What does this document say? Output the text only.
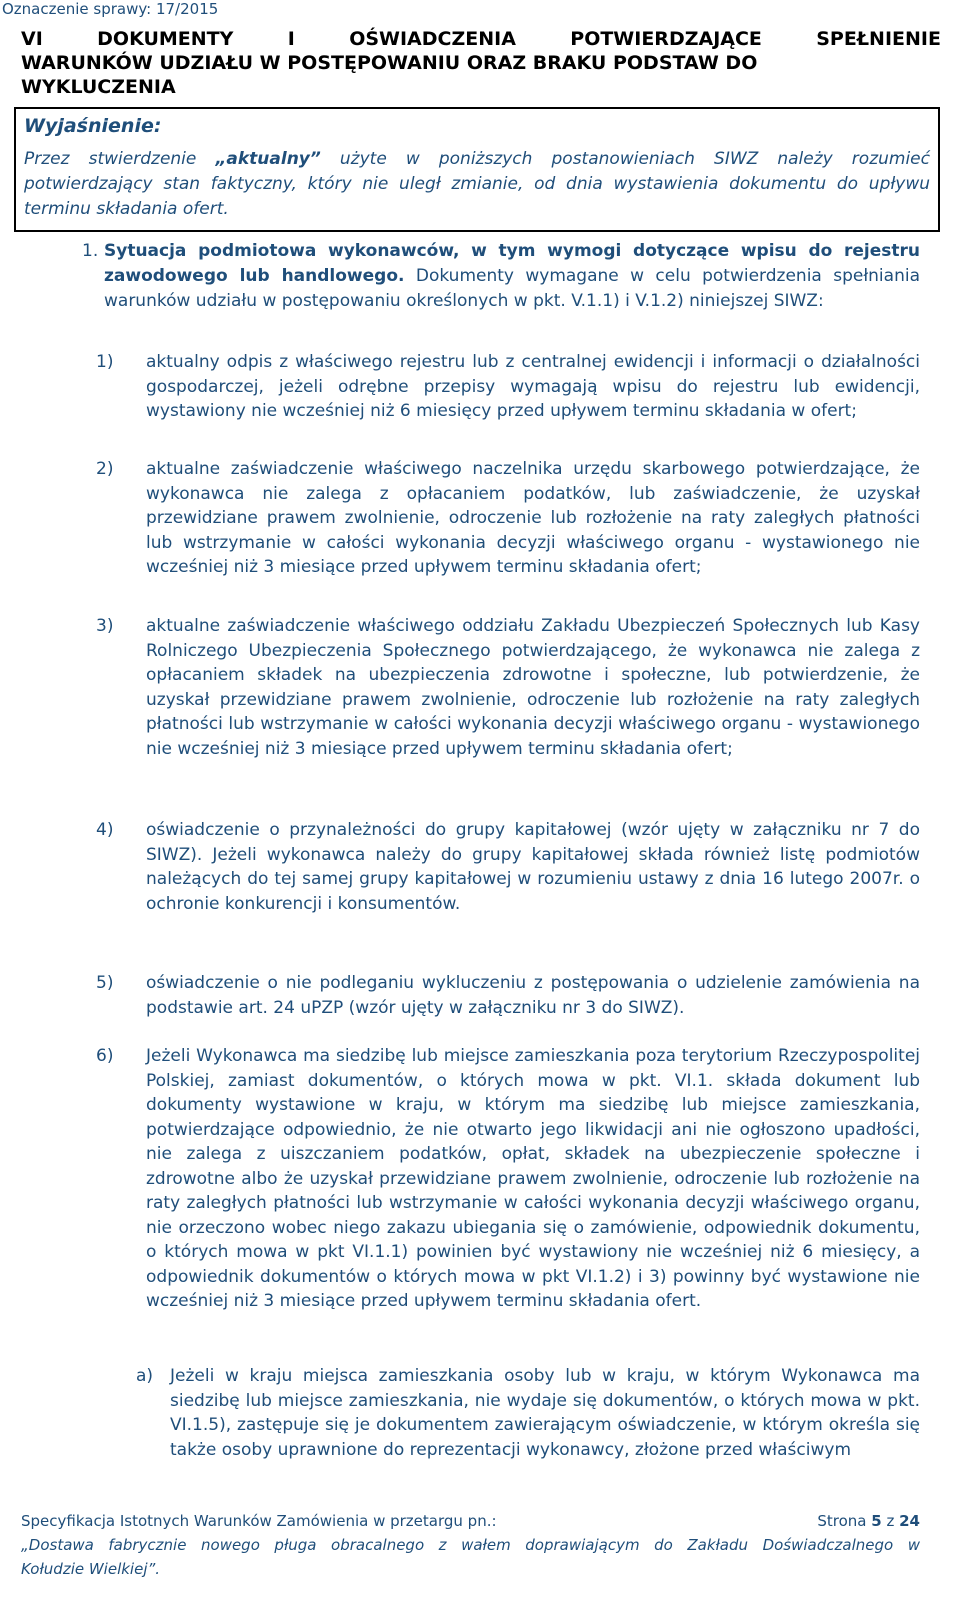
Oznaczenie sprawy: 17/2015
VI	DOKUMENTY	I	OŚWIADCZENIA	POTWIERDZAJĄCE	SPEŁNIENIE
WARUNKÓW UDZIAŁU W POSTĘPOWANIU ORAZ BRAKU PODSTAW DO
WYKLUCZENIA
Wyjaśnienie:

Przez stwierdzenie „aktualny” użyte w poniższych postanowieniach SIWZ należy rozumieć potwierdzający stan faktyczny, który nie uległ zmianie, od dnia wystawienia dokumentu do upływu terminu składania ofert.

1. Sytuacja podmiotowa wykonawców, w tym wymogi dotyczące wpisu do rejestru zawodowego lub handlowego. Dokumenty wymagane w celu potwierdzenia spełniania warunków udziału w postępowaniu określonych w pkt. V.1.1) i V.1.2) niniejszej SIWZ:
1) aktualny odpis z właściwego rejestru lub z centralnej ewidencji i informacji o działalności gospodarczej, jeżeli odrębne przepisy wymagają wpisu do rejestru lub ewidencji, wystawiony nie wcześniej niż 6 miesięcy przed upływem terminu składania w ofert;
2) aktualne zaświadczenie właściwego naczelnika urzędu skarbowego potwierdzające, że wykonawca nie zalega z opłacaniem podatków, lub zaświadczenie, że uzyskał przewidziane prawem zwolnienie, odroczenie lub rozłożenie na raty zaległych płatności lub wstrzymanie w całości wykonania decyzji właściwego organu - wystawionego nie wcześniej niż 3 miesiące przed upływem terminu składania ofert;
3) aktualne zaświadczenie właściwego oddziału Zakładu Ubezpieczeń Społecznych lub Kasy Rolniczego Ubezpieczenia Społecznego potwierdzającego, że wykonawca nie zalega z opłacaniem składek na ubezpieczenia zdrowotne i społeczne, lub potwierdzenie, że uzyskał przewidziane prawem zwolnienie, odroczenie lub rozłożenie na raty zaległych płatności lub wstrzymanie w całości wykonania decyzji właściwego organu - wystawionego nie wcześniej niż 3 miesiące przed upływem terminu składania ofert;
4) oświadczenie o przynależności do grupy kapitałowej (wzór ujęty w załączniku nr 7 do SIWZ). Jeżeli wykonawca należy do grupy kapitałowej składa również listę podmiotów należących do tej samej grupy kapitałowej w rozumieniu ustawy z dnia 16 lutego 2007r. o ochronie konkurencji i konsumentów.
5) oświadczenie o nie podleganiu wykluczeniu z postępowania o udzielenie zamówienia na podstawie art. 24 uPZP (wzór ujęty w załączniku nr 3 do SIWZ).
6) Jeżeli Wykonawca ma siedzibę lub miejsce zamieszkania poza terytorium Rzeczypospolitej Polskiej, zamiast dokumentów, o których mowa w pkt. VI.1. składa dokument lub dokumenty wystawione w kraju, w którym ma siedzibę lub miejsce zamieszkania, potwierdzające odpowiednio, że nie otwarto jego likwidacji ani nie ogłoszono upadłości, nie zalega z uiszczaniem podatków, opłat, składek na ubezpieczenie społeczne i zdrowotne albo że uzyskał przewidziane prawem zwolnienie, odroczenie lub rozłożenie na raty zaległych płatności lub wstrzymanie w całości wykonania decyzji właściwego organu, nie orzeczono wobec niego zakazu ubiegania się o zamówienie, odpowiednik dokumentu, o których mowa w pkt VI.1.1) powinien być wystawiony nie wcześniej niż 6 miesięcy, a odpowiednik dokumentów o których mowa w pkt VI.1.2) i 3) powinny być wystawione nie wcześniej niż 3 miesiące przed upływem terminu składania ofert.
a) Jeżeli w kraju miejsca zamieszkania osoby lub w kraju, w którym Wykonawca ma siedzibę lub miejsce zamieszkania, nie wydaje się dokumentów, o których mowa w pkt. VI.1.5), zastępuje się je dokumentem zawierającym oświadczenie, w którym określa się także osoby uprawnione do reprezentacji wykonawcy, złożone przed właściwym
Specyfikacja Istotnych Warunków Zamówienia w przetargu pn.:	Strona 5 z 24
„Dostawa fabrycznie nowego pługa obracalnego z wałem doprawiającym do Zakładu Doświadczalnego w
Kołudzie Wielkiej”.
